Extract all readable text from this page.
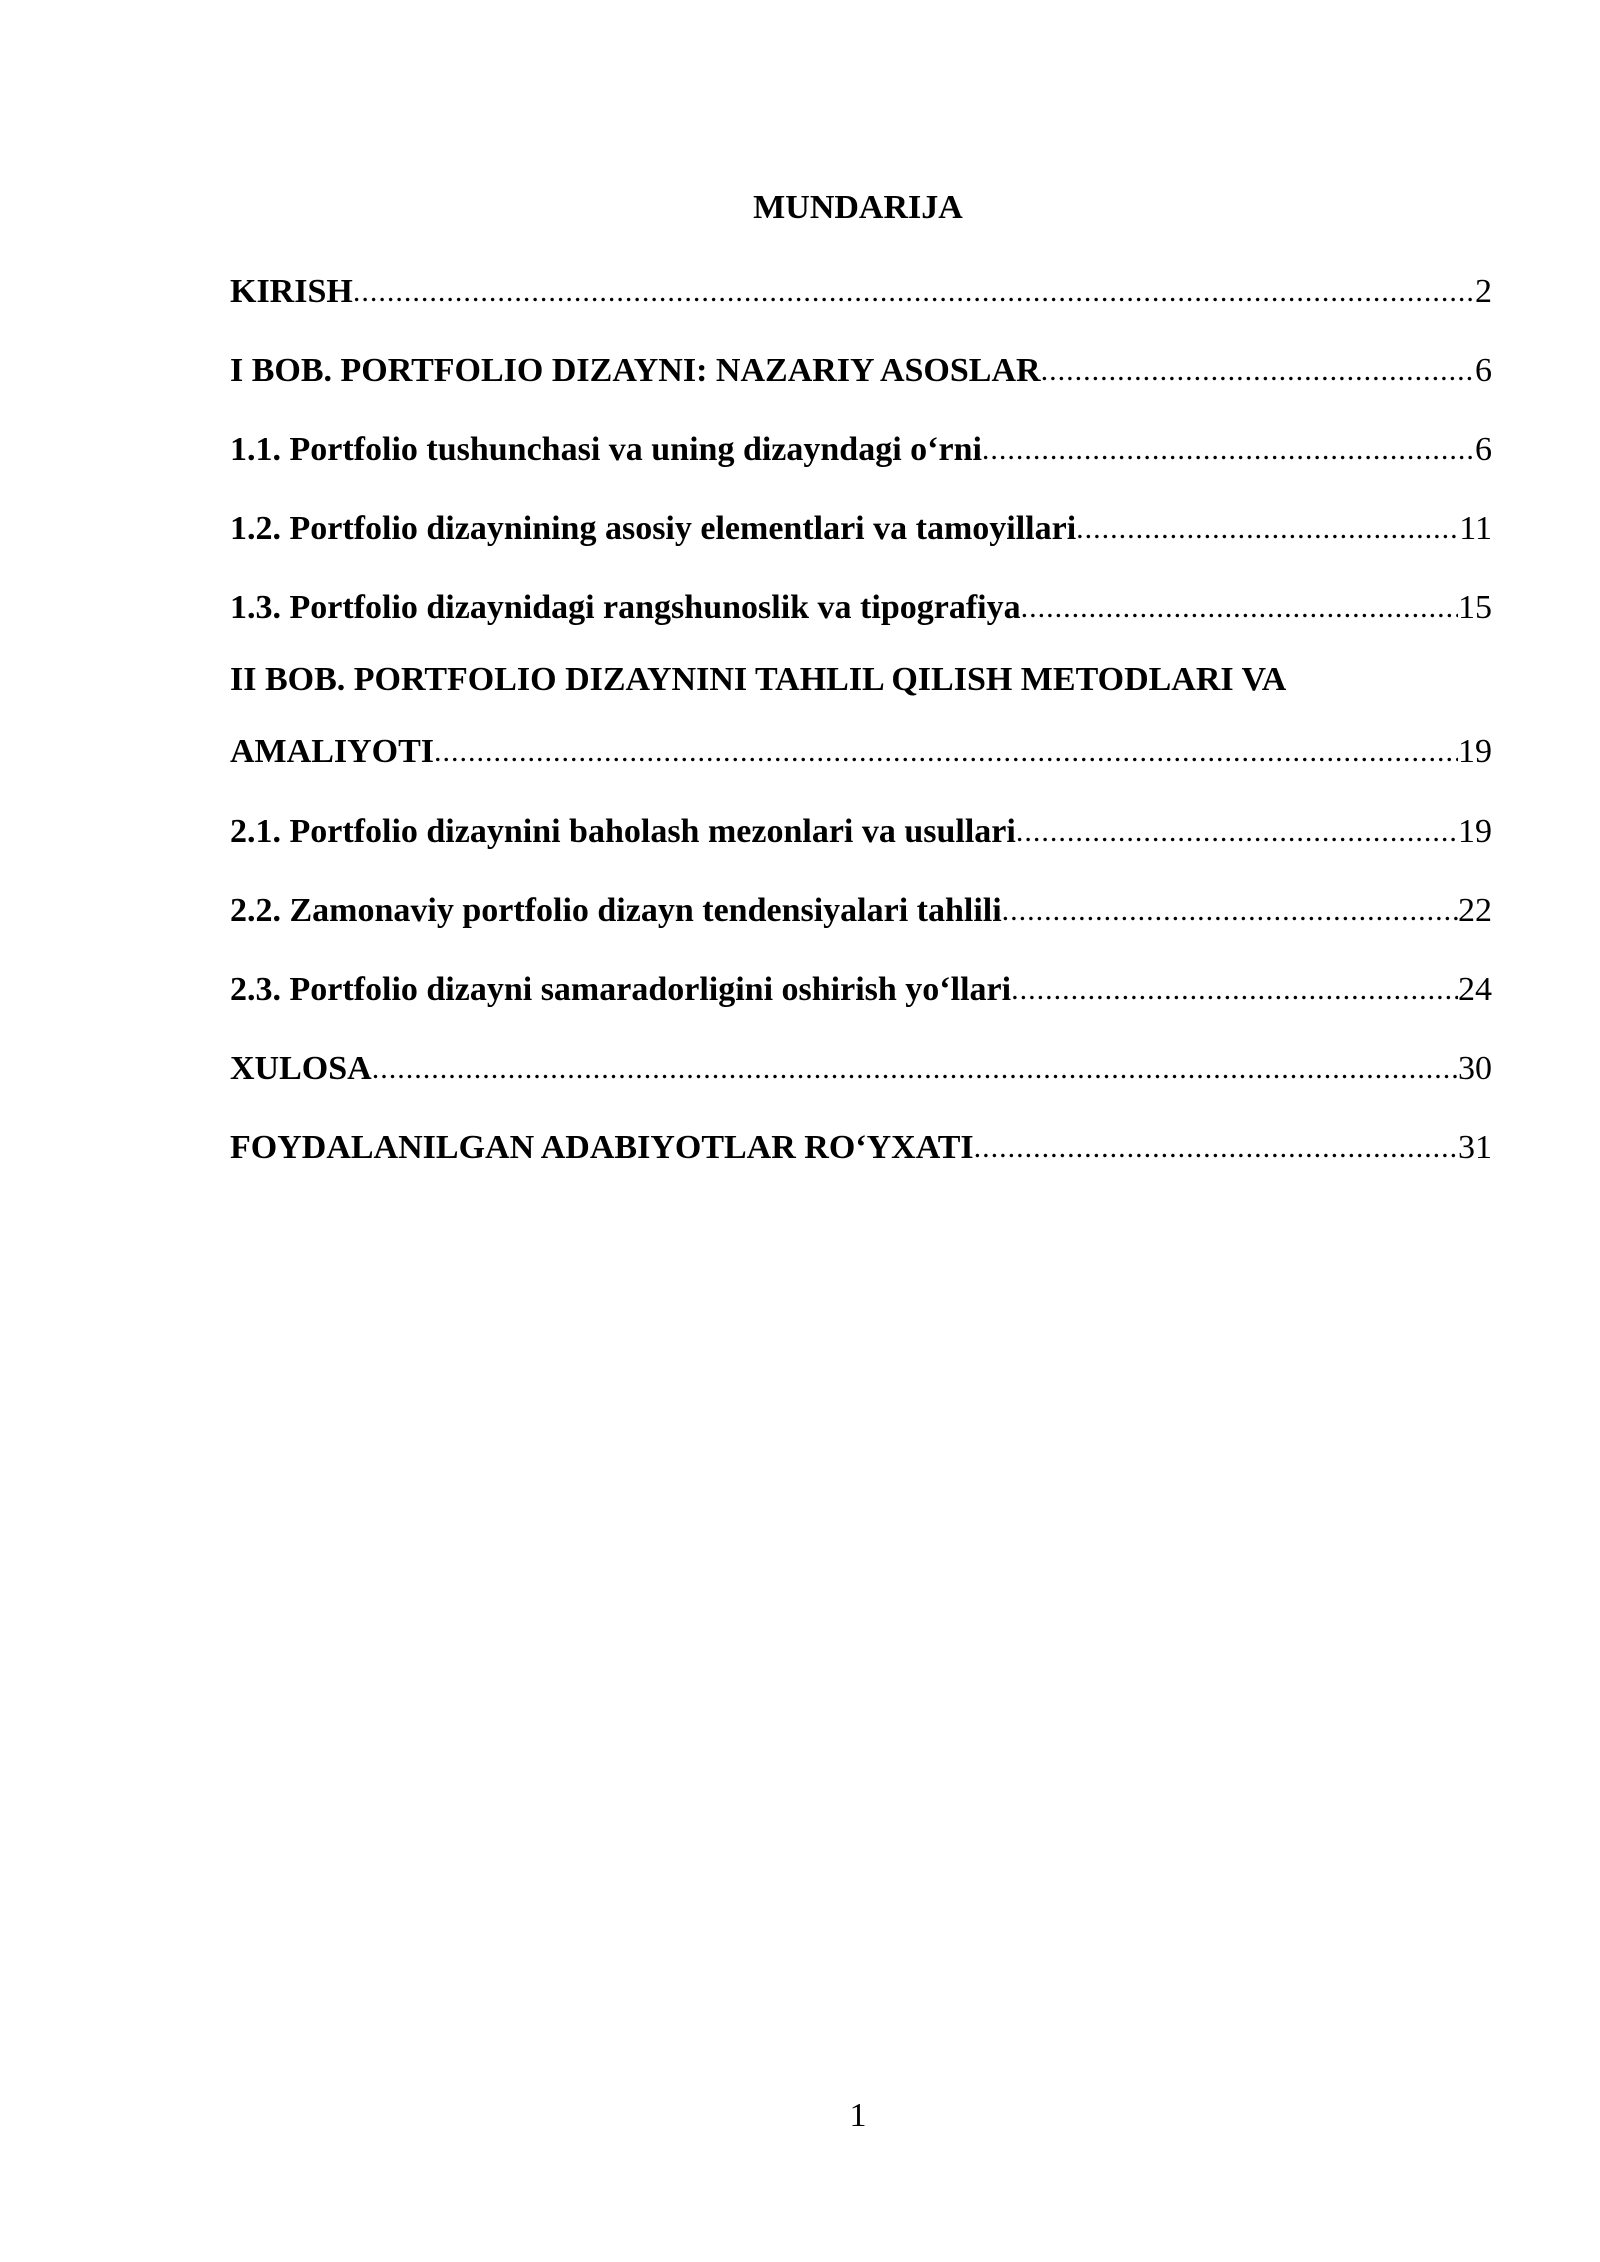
MUNDARIJA
KIRISH .....	2
I BOB. PORTFOLIO DIZAYNI: NAZARIY ASOSLAR .....	6
1.1. Portfolio tushunchasi va uning dizayndagi o‘rni .....	6
1.2. Portfolio dizaynining asosiy elementlari va tamoyillari .....	11
1.3. Portfolio dizaynidagi rangshunoslik va tipografiya .....	15
II BOB. PORTFOLIO DIZAYNINI TAHLIL QILISH METODLARI VA
AMALIYOTI .....	19
2.1. Portfolio dizaynini baholash mezonlari va usullari .....	19
2.2. Zamonaviy portfolio dizayn tendensiyalari tahlili .....	22
2.3. Portfolio dizayni samaradorligini oshirish yo‘llari .....	24
XULOSA .....	30
FOYDALANILGAN ADABIYOTLAR RO‘YXATI .....	31
1
